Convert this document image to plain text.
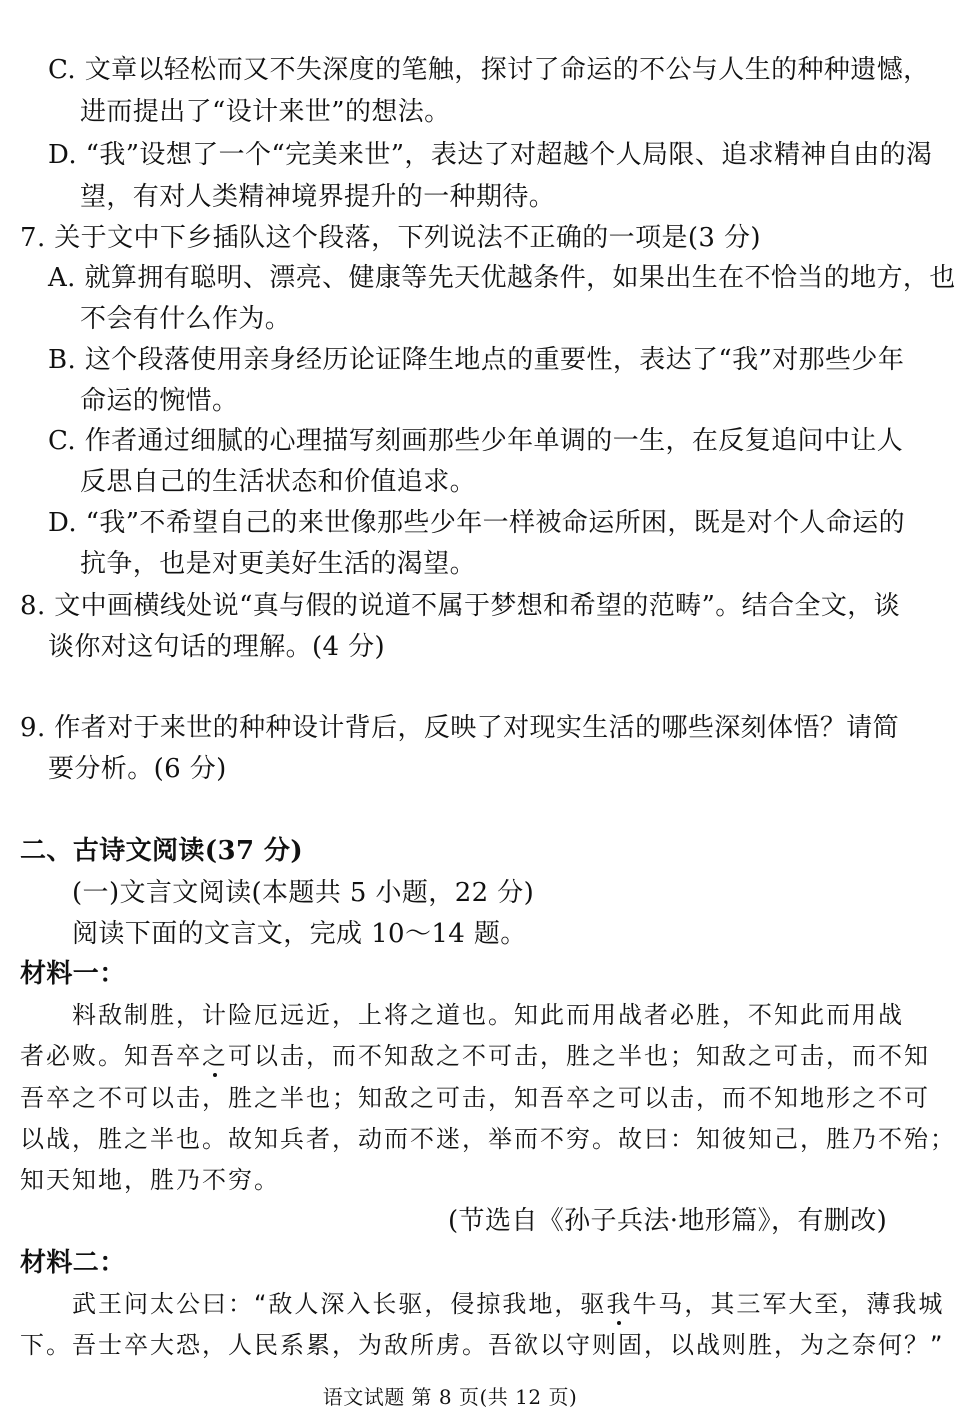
C. 文章以轻松而又不失深度的笔触，探讨了命运的不公与人生的种种遗憾，
进而提出了“设计来世”的想法。
D. “我”设想了一个“完美来世”，表达了对超越个人局限、追求精神自由的渴
望，有对人类精神境界提升的一种期待。
7. 关于文中下乡插队这个段落，下列说法不正确的一项是(3 分)
A. 就算拥有聪明、漂亮、健康等先天优越条件，如果出生在不恰当的地方，也
不会有什么作为。
B. 这个段落使用亲身经历论证降生地点的重要性，表达了“我”对那些少年
命运的惋惜。
C. 作者通过细腻的心理描写刻画那些少年单调的一生，在反复追问中让人
反思自己的生活状态和价值追求。
D. “我”不希望自己的来世像那些少年一样被命运所困，既是对个人命运的
抗争，也是对更美好生活的渴望。
8. 文中画横线处说“真与假的说道不属于梦想和希望的范畴”。结合全文，谈
谈你对这句话的理解。(4 分)
9. 作者对于来世的种种设计背后，反映了对现实生活的哪些深刻体悟？请简
要分析。(6 分)
二、古诗文阅读(37 分)
(一)文言文阅读(本题共 5 小题，22 分)
阅读下面的文言文，完成 10～14 题。
材料一：
料敌制胜，计险厄远近，上将之道也。知此而用战者必胜，不知此而用战
者必败。知吾卒之可以击，而不知敌之不可击，胜之半也；知敌之可击，而不知
吾卒之不可以击，胜之半也；知敌之可击，知吾卒之可以击，而不知地形之不可
以战，胜之半也。故知兵者，动而不迷，举而不穷。故曰：知彼知己，胜乃不殆；
知天知地，胜乃不穷。
(节选自《孙子兵法·地形篇》，有删改)
材料二：
武王问太公曰：“敌人深入长驱，侵掠我地，驱我牛马，其三军大至，薄我城
下。吾士卒大恐，人民系累，为敌所虏。吾欲以守则固，以战则胜，为之奈何？”
语文试题 第 8 页(共 12 页)
